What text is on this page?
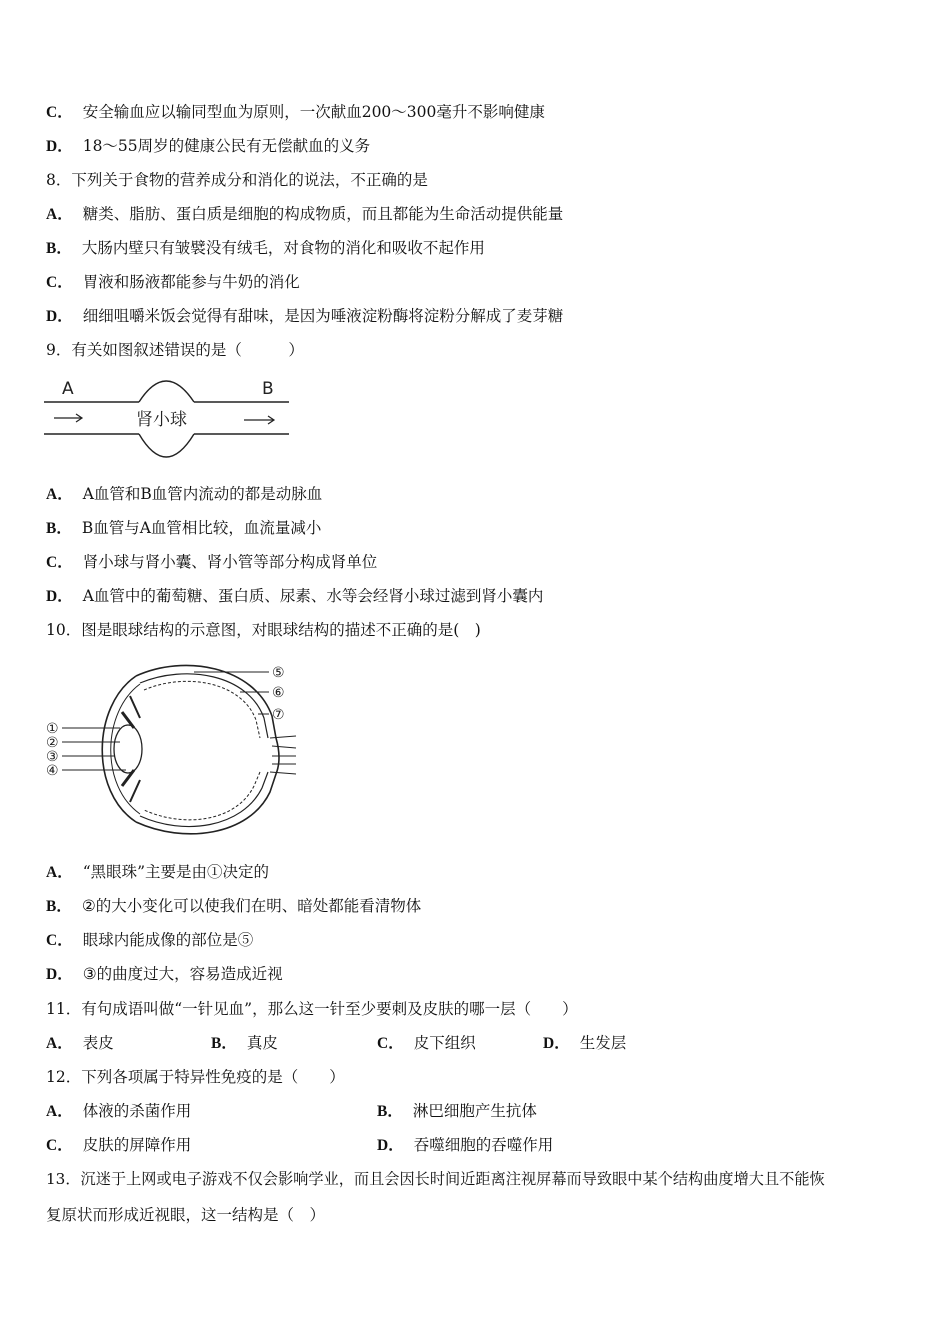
C． 安全输血应以输同型血为原则，一次献血200～300毫升不影响健康
D． 18～55周岁的健康公民有无偿献血的义务
8．下列关于食物的营养成分和消化的说法，不正确的是
A． 糖类、脂肪、蛋白质是细胞的构成物质，而且都能为生命活动提供能量
B． 大肠内壁只有皱襞没有绒毛，对食物的消化和吸收不起作用
C． 胃液和肠液都能参与牛奶的消化
D． 细细咀嚼米饭会觉得有甜味，是因为唾液淀粉酶将淀粉分解成了麦芽糖
9．有关如图叙述错误的是（　　　）
A	B
肾小球
A． A血管和B血管内流动的都是动脉血
B． B血管与A血管相比较，血流量减小
C． 肾小球与肾小囊、肾小管等部分构成肾单位
D． A血管中的葡萄糖、蛋白质、尿素、水等会经肾小球过滤到肾小囊内
10．图是眼球结构的示意图，对眼球结构的描述不正确的是(　)
①
②
③
④
⑤
⑥
⑦
A． “黑眼珠”主要是由①决定的
B． ②的大小变化可以使我们在明、暗处都能看清物体
C． 眼球内能成像的部位是⑤
D． ③的曲度过大，容易造成近视
11．有句成语叫做“一针见血”，那么这一针至少要刺及皮肤的哪一层（　　）
A． 表皮	B． 真皮	C． 皮下组织	D． 生发层
12．下列各项属于特异性免疫的是（　　）
A． 体液的杀菌作用	B． 淋巴细胞产生抗体
C． 皮肤的屏障作用	D． 吞噬细胞的吞噬作用
13．沉迷于上网或电子游戏不仅会影响学业，而且会因长时间近距离注视屏幕而导致眼中某个结构曲度增大且不能恢
复原状而形成近视眼，这一结构是（　）
